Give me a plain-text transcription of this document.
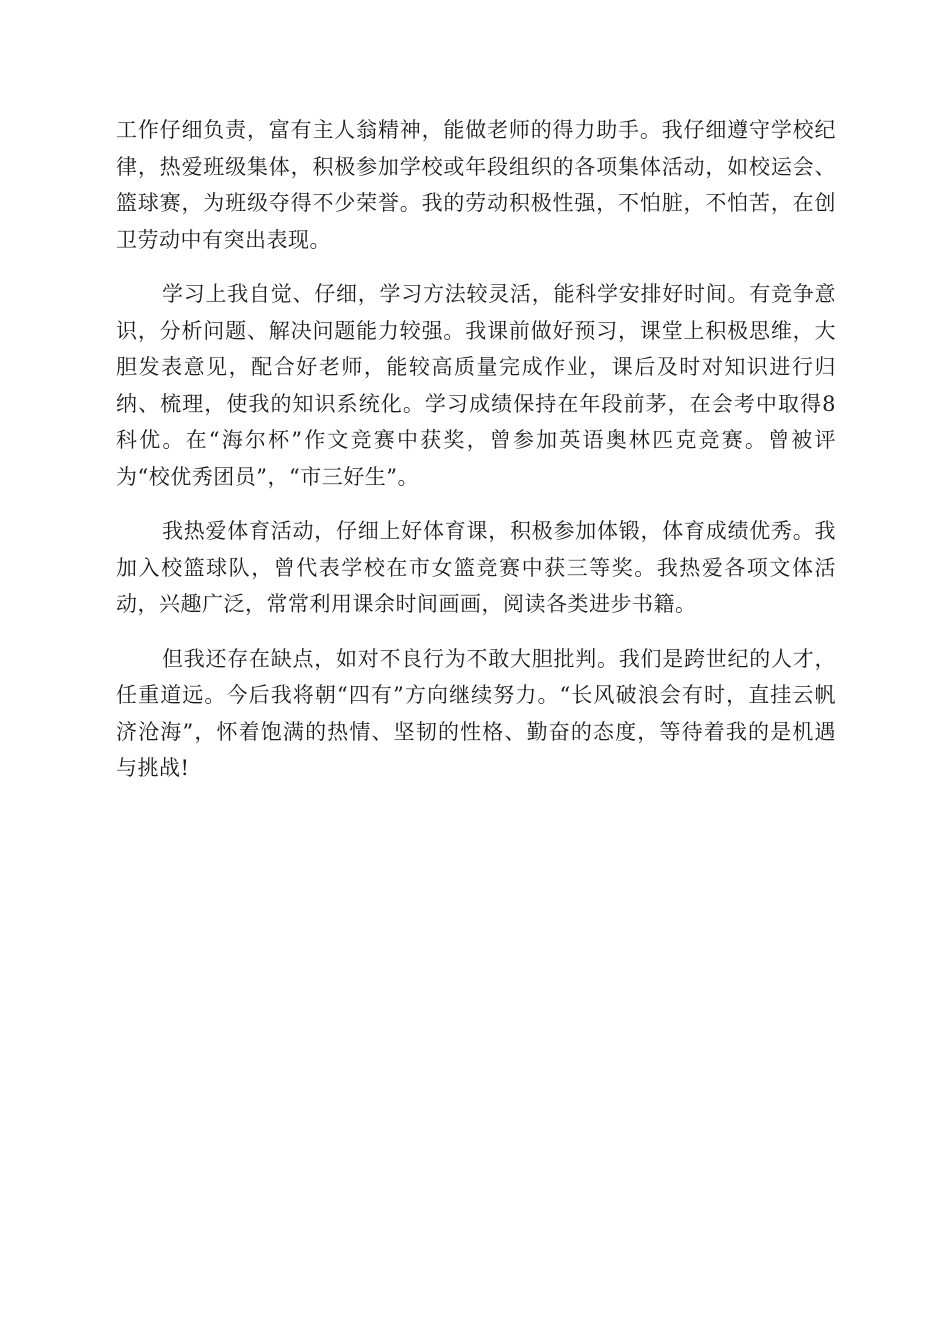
工作仔细负责，富有主人翁精神，能做老师的得力助手。我仔细遵守学校纪律，热爱班级集体，积极参加学校或年段组织的各项集体活动，如校运会、篮球赛，为班级夺得不少荣誉。我的劳动积极性强，不怕脏，不怕苦，在创卫劳动中有突出表现。

学习上我自觉、仔细，学习方法较灵活，能科学安排好时间。有竞争意识，分析问题、解决问题能力较强。我课前做好预习，课堂上积极思维，大胆发表意见，配合好老师，能较高质量完成作业，课后及时对知识进行归纳、梳理，使我的知识系统化。学习成绩保持在年段前茅，在会考中取得8科优。在“海尔杯”作文竞赛中获奖，曾参加英语奥林匹克竞赛。曾被评为“校优秀团员”，“市三好生”。

我热爱体育活动，仔细上好体育课，积极参加体锻，体育成绩优秀。我加入校篮球队，曾代表学校在市女篮竞赛中获三等奖。我热爱各项文体活动，兴趣广泛，常常利用课余时间画画，阅读各类进步书籍。

但我还存在缺点，如对不良行为不敢大胆批判。我们是跨世纪的人才，任重道远。今后我将朝“四有”方向继续努力。“长风破浪会有时，直挂云帆济沧海”，怀着饱满的热情、坚韧的性格、勤奋的态度，等待着我的是机遇与挑战!
